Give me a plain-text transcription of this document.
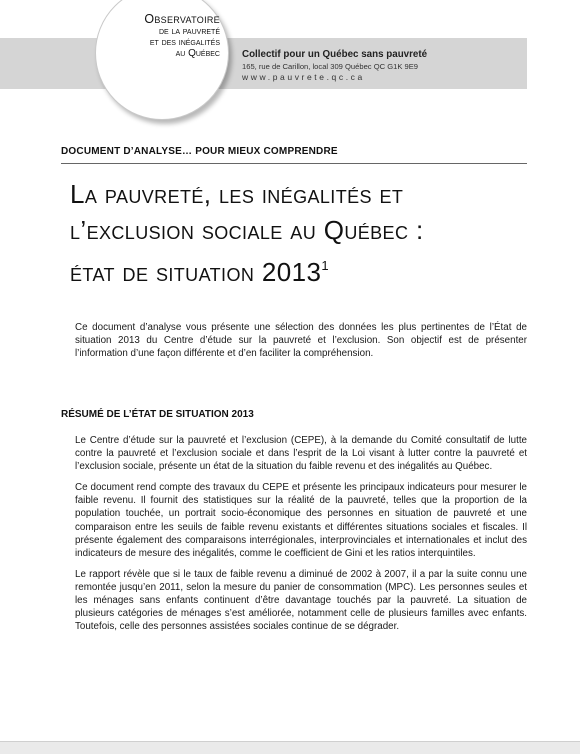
Observatoire
de la pauvreté
et des inégalités
au Québec Collectif pour un Québec sans pauvreté
165, rue de Carillon, local 309 Québec QC G1K 9E9
www.pauvrete.qc.ca
DOCUMENT D’ANALYSE… POUR MIEUX COMPRENDRE
La pauvreté, les inégalités et
l’exclusion sociale au Québec :
état de situation 2013$^1$
Ce document d’analyse vous présente une sélection des données les plus pertinentes de l’État de situation 2013 du Centre d’étude sur la pauvreté et l’exclusion. Son objectif est de présenter l’information d’une façon différente et d’en faciliter la compréhension.
RÉSUMÉ DE L’ÉTAT DE SITUATION 2013

Le Centre d’étude sur la pauvreté et l’exclusion (CEPE), à la demande du Comité consultatif de lutte contre la pauvreté et l’exclusion sociale et dans l’esprit de la Loi visant à lutter contre la pauvreté et l’exclusion sociale, présente un état de la situation du faible revenu et des inégalités au Québec.

Ce document rend compte des travaux du CEPE et présente les principaux indicateurs pour mesurer le faible revenu. Il fournit des statistiques sur la réalité de la pauvreté, telles que la proportion de la population touchée, un portrait socio-économique des personnes en situation de pauvreté et une comparaison entre les seuils de faible revenu existants et différentes situations sociales et fiscales. Il présente également des comparaisons interrégionales, interprovinciales et internationales et inclut des indicateurs de mesure des inégalités, comme le coefficient de Gini et les ratios interquintiles.

Le rapport révèle que si le taux de faible revenu a diminué de 2002 à 2007, il a par la suite connu une remontée jusqu’en 2011, selon la mesure du panier de consommation (MPC). Les personnes seules et les ménages sans enfants continuent d’être davantage touchés par la pauvreté. La situation de plusieurs catégories de ménages s’est améliorée, notamment celle de plusieurs familles avec enfants. Toutefois, celle des personnes assistées sociales continue de se dégrader.
